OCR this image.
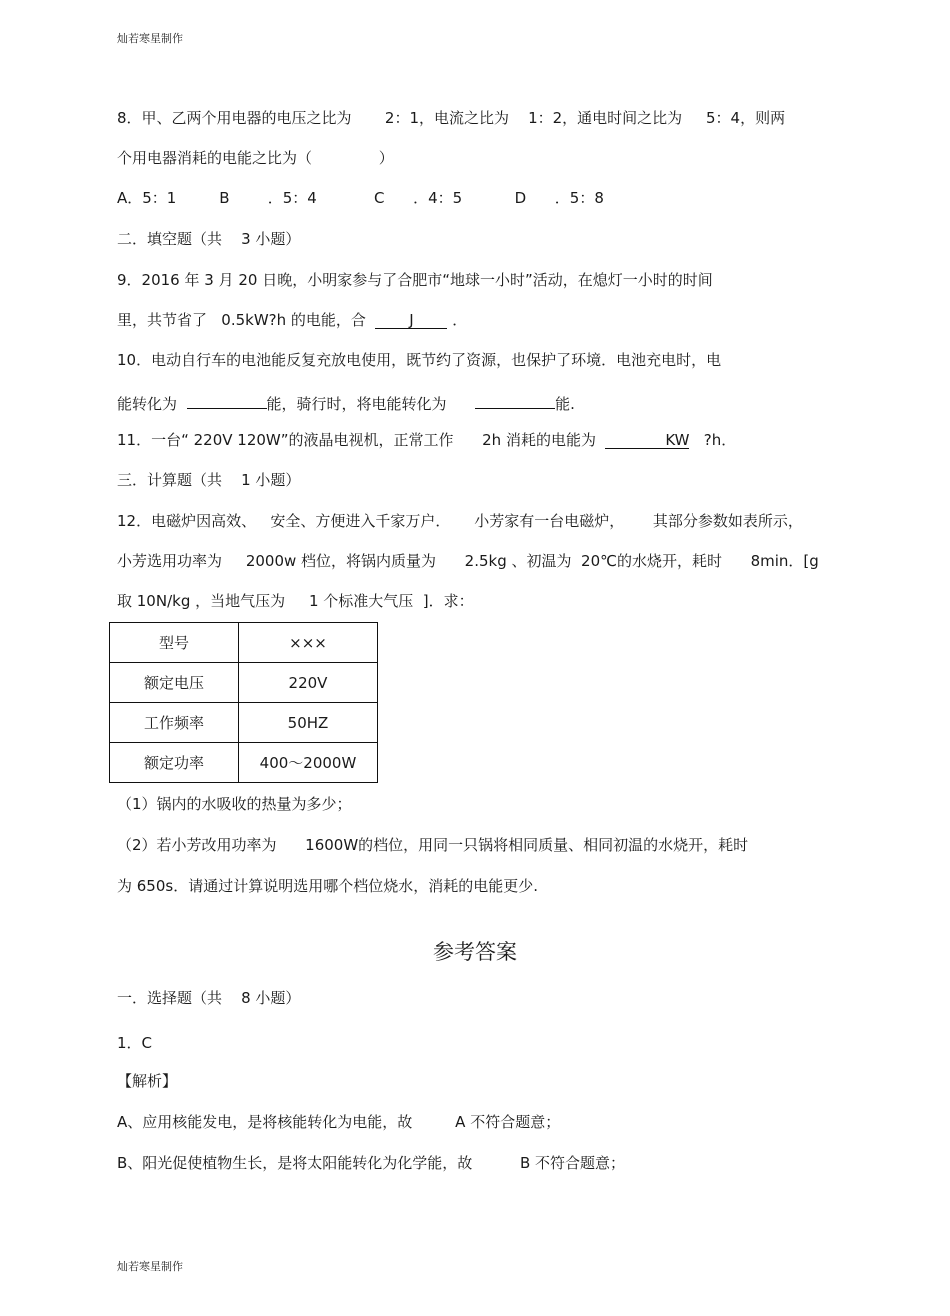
灿若寒星制作
8．甲、乙两个用电器的电压之比为       2：1，电流之比为    1：2，通电时间之比为     5：4，则两
个用电器消耗的电能之比为（              ）
A．5：1         B        ．5：4            C      ．4：5           D      ．5：8
二．填空题（共    3 小题）
9．2016 年 3 月 20 日晚，小明家参与了合肥市“地球一小时”活动，在熄灯一小时的时间
里，共节省了   0.5kW?h 的电能，合  J ．
10．电动自行车的电池能反复充放电使用，既节约了资源，也保护了环境．电池充电时，电
能转化为	能，骑行时，将电能转化为	能.
11．一台“ 220V 120W”的液晶电视机，正常工作      2h 消耗的电能为	KW   ?h．
三．计算题（共    1 小题）
12．电磁炉因高效、   安全、方便进入千家万户．     小芳家有一台电磁炉，      其部分参数如表所示，
小芳选用功率为     2000w 档位，将锅内质量为      2.5kg 、初温为  20℃的水烧开，耗时      8min．[g
取 10N/kg ，当地气压为     1 个标准大气压  ]．求：
型号	×××
额定电压	220V
工作频率	50HZ
额定功率	400～2000W
（1）锅内的水吸收的热量为多少；
（2）若小芳改用功率为      1600W的档位，用同一只锅将相同质量、相同初温的水烧开，耗时
为 650s．请通过计算说明选用哪个档位烧水，消耗的电能更少.
参考答案
一．选择题（共    8 小题）
1．C
【解析】
A、应用核能发电，是将核能转化为电能，故         A 不符合题意；
B、阳光促使植物生长，是将太阳能转化为化学能，故          B 不符合题意；
灿若寒星制作
